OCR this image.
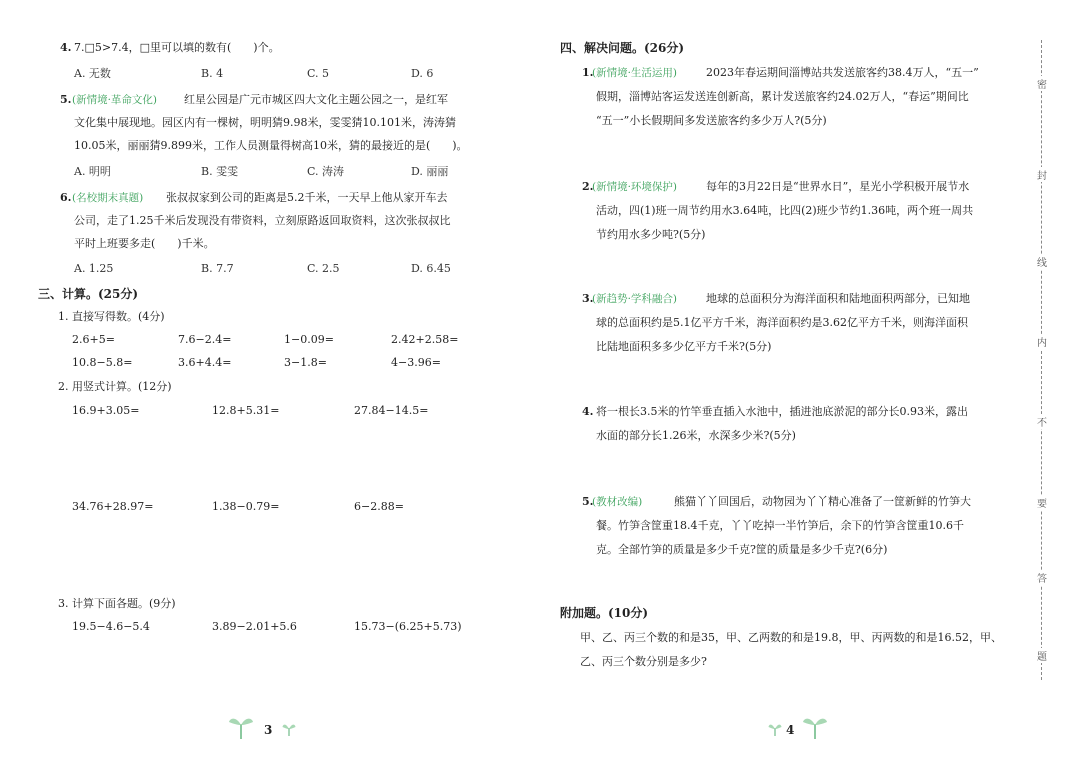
4. 7.□5>7.4，□里可以填的数有(　　)个。
A. 无数	B. 4	C. 5	D. 6
5. (新情境·革命文化) 红星公园是广元市城区四大文化主题公园之一，是红军
文化集中展现地。园区内有一棵树，明明猜9.98米，雯雯猜10.101米，涛涛猜
10.05米，丽丽猜9.899米，工作人员测量得树高10米，猜的最接近的是(　　)。
A. 明明	B. 雯雯	C. 涛涛	D. 丽丽
6. (名校期末真题) 张叔叔家到公司的距离是5.2千米，一天早上他从家开车去
公司，走了1.25千米后发现没有带资料，立刻原路返回取资料，这次张叔叔比
平时上班要多走(　　)千米。
A. 1.25	B. 7.7	C. 2.5	D. 6.45
三、计算。(25分)
1. 直接写得数。(4分)
2.6+5=	7.6−2.4=	1−0.09=	2.42+2.58=
10.8−5.8=	3.6+4.4=	3−1.8=	4−3.96=
2. 用竖式计算。(12分)
16.9+3.05=	12.8+5.31=	27.84−14.5=
34.76+28.97=	1.38−0.79=	6−2.88=
3. 计算下面各题。(9分)
19.5−4.6−5.4	3.89−2.01+5.6	15.73−(6.25+5.73)
3
四、解决问题。(26分)
1.
(新情境·生活运用)	2023年春运期间淄博站共发送旅客约38.4万人，“五一”
假期，淄博站客运发送连创新高，累计发送旅客约24.02万人，“春运”期间比
“五一”小长假期间多发送旅客约多少万人?(5分)
2.
(新情境·环境保护)	每年的3月22日是“世界水日”，星光小学积极开展节水
活动，四(1)班一周节约用水3.64吨，比四(2)班少节约1.36吨，两个班一周共
节约用水多少吨?(5分)
3.
(新趋势·学科融合)	地球的总面积分为海洋面积和陆地面积两部分，已知地
球的总面积约是5.1亿平方千米，海洋面积约是3.62亿平方千米，则海洋面积
比陆地面积多多少亿平方千米?(5分)
4. 将一根长3.5米的竹竿垂直插入水池中，插进池底淤泥的部分长0.93米，露出
水面的部分长1.26米，水深多少米?(5分)
5.
(教材改编)	熊猫丫丫回国后，动物园为丫丫精心准备了一筐新鲜的竹笋大
餐。竹笋含筐重18.4千克，丫丫吃掉一半竹笋后，余下的竹笋含筐重10.6千
克。全部竹笋的质量是多少千克?筐的质量是多少千克?(6分)
附加题。(10分)
甲、乙、丙三个数的和是35，甲、乙两数的和是19.8，甲、丙两数的和是16.52，甲、
乙、丙三个数分别是多少?
4
密
封
线
内
不
要
答
题
